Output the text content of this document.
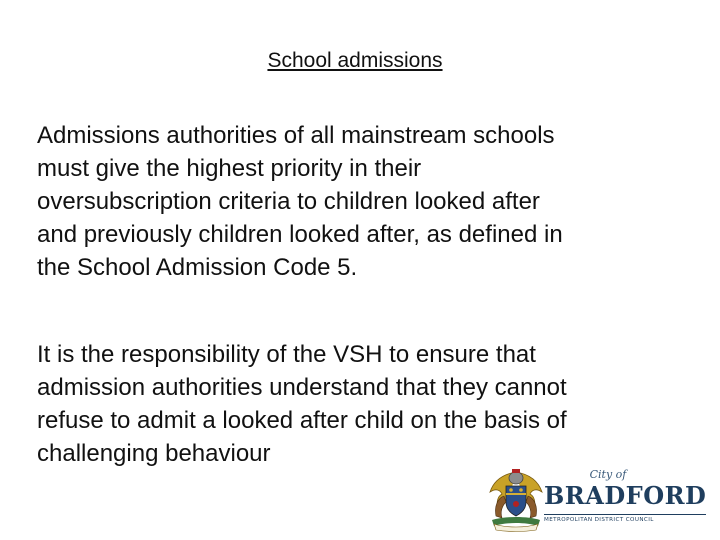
School admissions

Admissions authorities of all mainstream schools
must give the highest priority in their
oversubscription criteria to children looked after
and previously children looked after, as defined in
the School Admission Code 5.

It is the responsibility of the VSH to ensure that
admission authorities understand that they cannot
refuse to admit a looked after child on the basis of
challenging behaviour

City of
BRADFORD
METROPOLITAN DISTRICT COUNCIL
